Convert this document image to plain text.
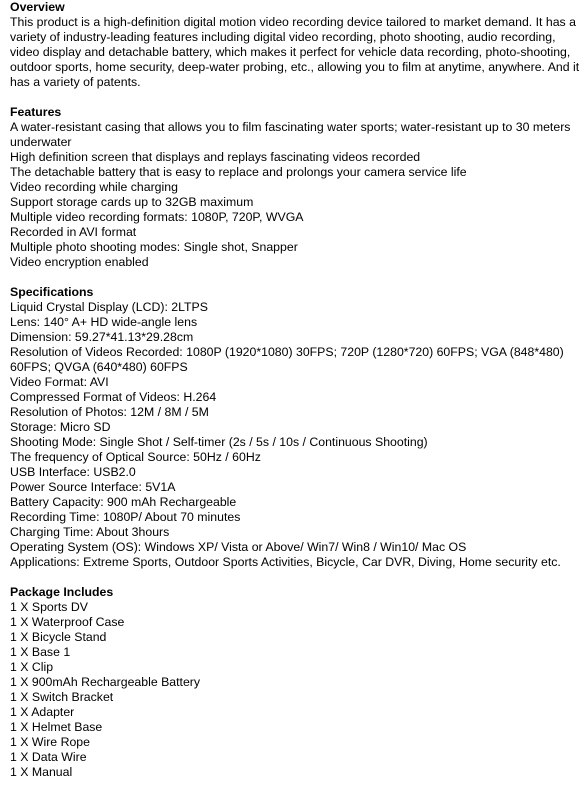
Overview
This product is a high-definition digital motion video recording device tailored to market demand. It has a variety of industry-leading features including digital video recording, photo shooting, audio recording, video display and detachable battery, which makes it perfect for vehicle data recording, photo-shooting, outdoor sports, home security, deep-water probing, etc., allowing you to film at anytime, anywhere. And it has a variety of patents.
Features
A water-resistant casing that allows you to film fascinating water sports; water-resistant up to 30 meters underwater
High definition screen that displays and replays fascinating videos recorded
The detachable battery that is easy to replace and prolongs your camera service life
Video recording while charging
Support storage cards up to 32GB maximum
Multiple video recording formats: 1080P, 720P, WVGA
Recorded in AVI format
Multiple photo shooting modes: Single shot, Snapper
Video encryption enabled
Specifications
Liquid Crystal Display (LCD): 2LTPS
Lens: 140° A+ HD wide-angle lens
Dimension: 59.27*41.13*29.28cm
Resolution of Videos Recorded: 1080P (1920*1080) 30FPS; 720P (1280*720) 60FPS; VGA (848*480) 60FPS; QVGA (640*480) 60FPS
Video Format: AVI
Compressed Format of Videos: H.264
Resolution of Photos: 12M / 8M / 5M
Storage: Micro SD
Shooting Mode: Single Shot / Self-timer (2s / 5s / 10s / Continuous Shooting)
The frequency of Optical Source: 50Hz / 60Hz
USB Interface: USB2.0
Power Source Interface: 5V1A
Battery Capacity: 900 mAh Rechargeable
Recording Time: 1080P/ About 70 minutes
Charging Time: About 3hours
Operating System (OS): Windows XP/ Vista or Above/ Win7/ Win8 / Win10/ Mac OS
Applications: Extreme Sports, Outdoor Sports Activities, Bicycle, Car DVR, Diving, Home security etc.
Package Includes
1 X Sports DV
1 X Waterproof Case
1 X Bicycle Stand
1 X Base 1
1 X Clip
1 X 900mAh Rechargeable Battery
1 X Switch Bracket
1 X Adapter
1 X Helmet Base
1 X Wire Rope
1 X Data Wire
1 X Manual
